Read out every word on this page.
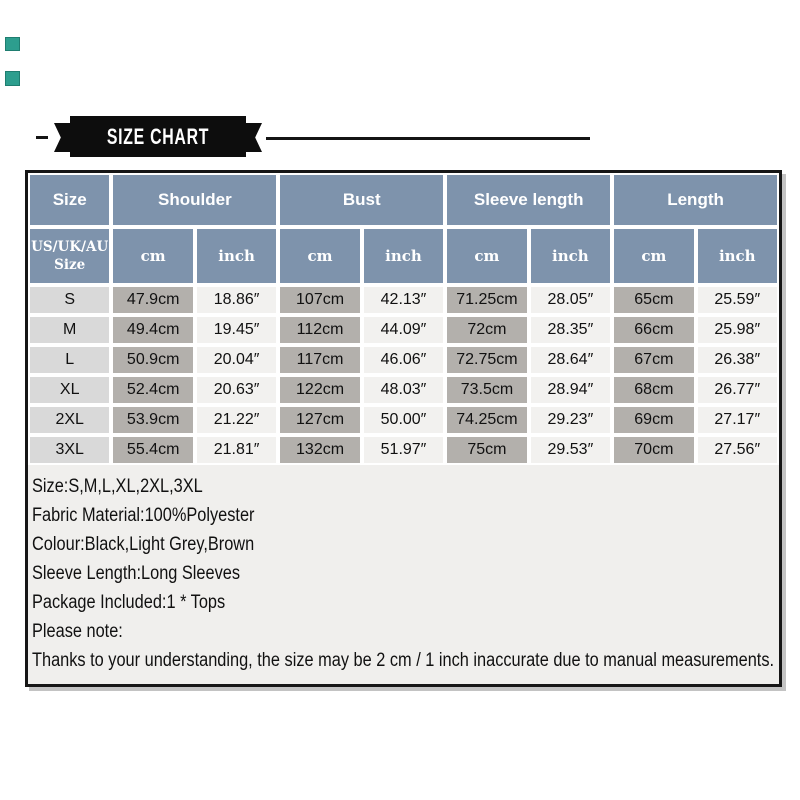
SIZE CHART
Size	Shoulder	Bust	Sleeve length	Length
US/UK/AU
Size	cm	inch	cm	inch	cm	inch	cm	inch
S	47.9cm	18.86″	107cm	42.13″	71.25cm	28.05″	65cm	25.59″
M	49.4cm	19.45″	112cm	44.09″	72cm	28.35″	66cm	25.98″
L	50.9cm	20.04″	117cm	46.06″	72.75cm	28.64″	67cm	26.38″
XL	52.4cm	20.63″	122cm	48.03″	73.5cm	28.94″	68cm	26.77″
2XL	53.9cm	21.22″	127cm	50.00″	74.25cm	29.23″	69cm	27.17″
3XL	55.4cm	21.81″	132cm	51.97″	75cm	29.53″	70cm	27.56″

Size:S,M,L,XL,2XL,3XL

Fabric Material:100%Polyester

Colour:Black,Light Grey,Brown

Sleeve Length:Long Sleeves

Package Included:1 * Tops

Please note:

Thanks to your understanding, the size may be 2 cm / 1 inch inaccurate due to manual measurements.
